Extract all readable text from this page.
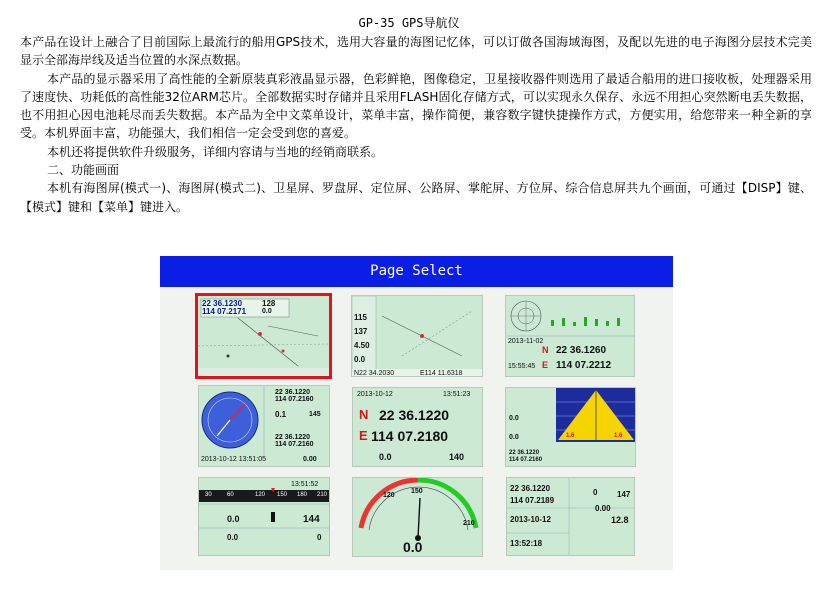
GP-35 GPS导航仪

本产品在设计上融合了目前国际上最流行的船用GPS技术，选用大容量的海图记忆体，可以订做各国海域海图，及配以先进的电子海图分层技术完美显示全部海岸线及适当位置的水深点数据。

本产品的显示器采用了高性能的全新原装真彩液晶显示器，色彩鲜艳，图像稳定，卫星接收器件则选用了最适合船用的进口接收板，处理器采用了速度快、功耗低的高性能32位ARM芯片。全部数据实时存储并且采用FLASH固化存储方式，可以实现永久保存、永远不用担心突然断电丢失数据，也不用担心因电池耗尽而丢失数据。本产品为全中文菜单设计，菜单丰富，操作简便，兼容数字键快捷操作方式，方便实用，给您带来一种全新的享受。本机界面丰富，功能强大，我们相信一定会受到您的喜爱。

本机还将提供软件升级服务，详细内容请与当地的经销商联系。

二、功能画面

本机有海图屏(模式一)、海图屏(模式二)、卫星屏、罗盘屏、定位屏、公路屏、掌舵屏、方位屏、综合信息屏共九个画面，可通过【DISP】键、【模式】键和【菜单】键进入。

Page Select
22 36.1230
114 07.2171
128
0.0
115
137
4.50
0.0
N22 34.2030	E114 11.6318
2013-11-02
15:55:45
N 22 36.1260
E 114 07.2212
22 36.1220
114 07.2160
0.1	145
22 36.1220
114 07.2160
2013-10-12 13:51:05	0.00
2013-10-12	13:51:23
N 22 36.1220
E 114 07.2180
0.0	140
1.6	1.6
0.0
0.0
22 36.1220
114 07.2160
13:51:52
30	60	120 150 180 210
0.0	144
0.0	0
120
150
210
0.0
22 36.1220
114 07.2189
147
0
0.00
2013-10-12	12.8
13:52:18
